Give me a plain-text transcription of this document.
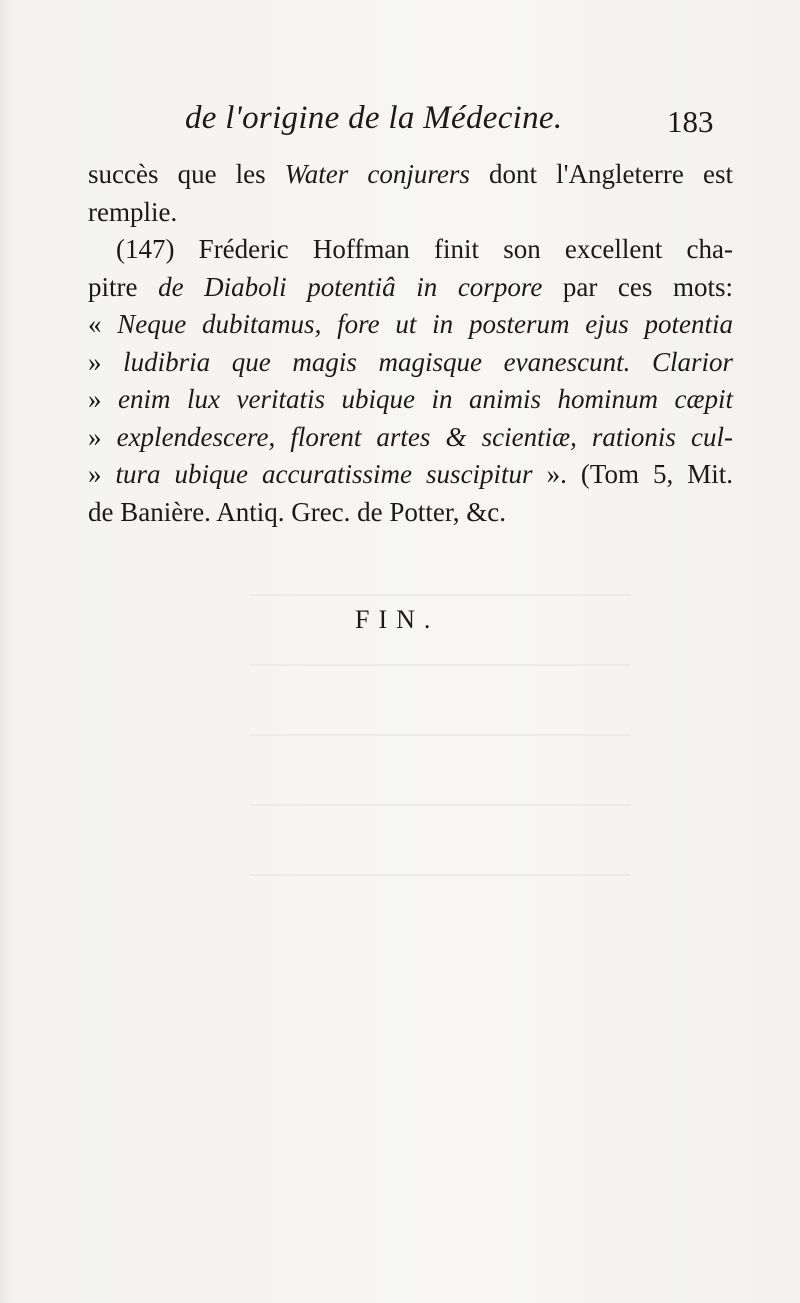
de l'origine de la Médecine.	183
succès que les Water conjurers dont l'Angleterre est
remplie.
(147) Fréderic Hoffman finit son excellent cha-
pitre de Diaboli potentiâ in corpore par ces mots:
« Neque dubitamus, fore ut in posterum ejus potentia
» ludibria que magis magisque evanescunt. Clarior
» enim lux veritatis ubique in animis hominum cæpit
» explendescere, florent artes & scientiæ, rationis cul-
» tura ubique accuratissime suscipitur ». (Tom 5, Mit.
de Banière. Antiq. Grec. de Potter, &c.
FIN.
